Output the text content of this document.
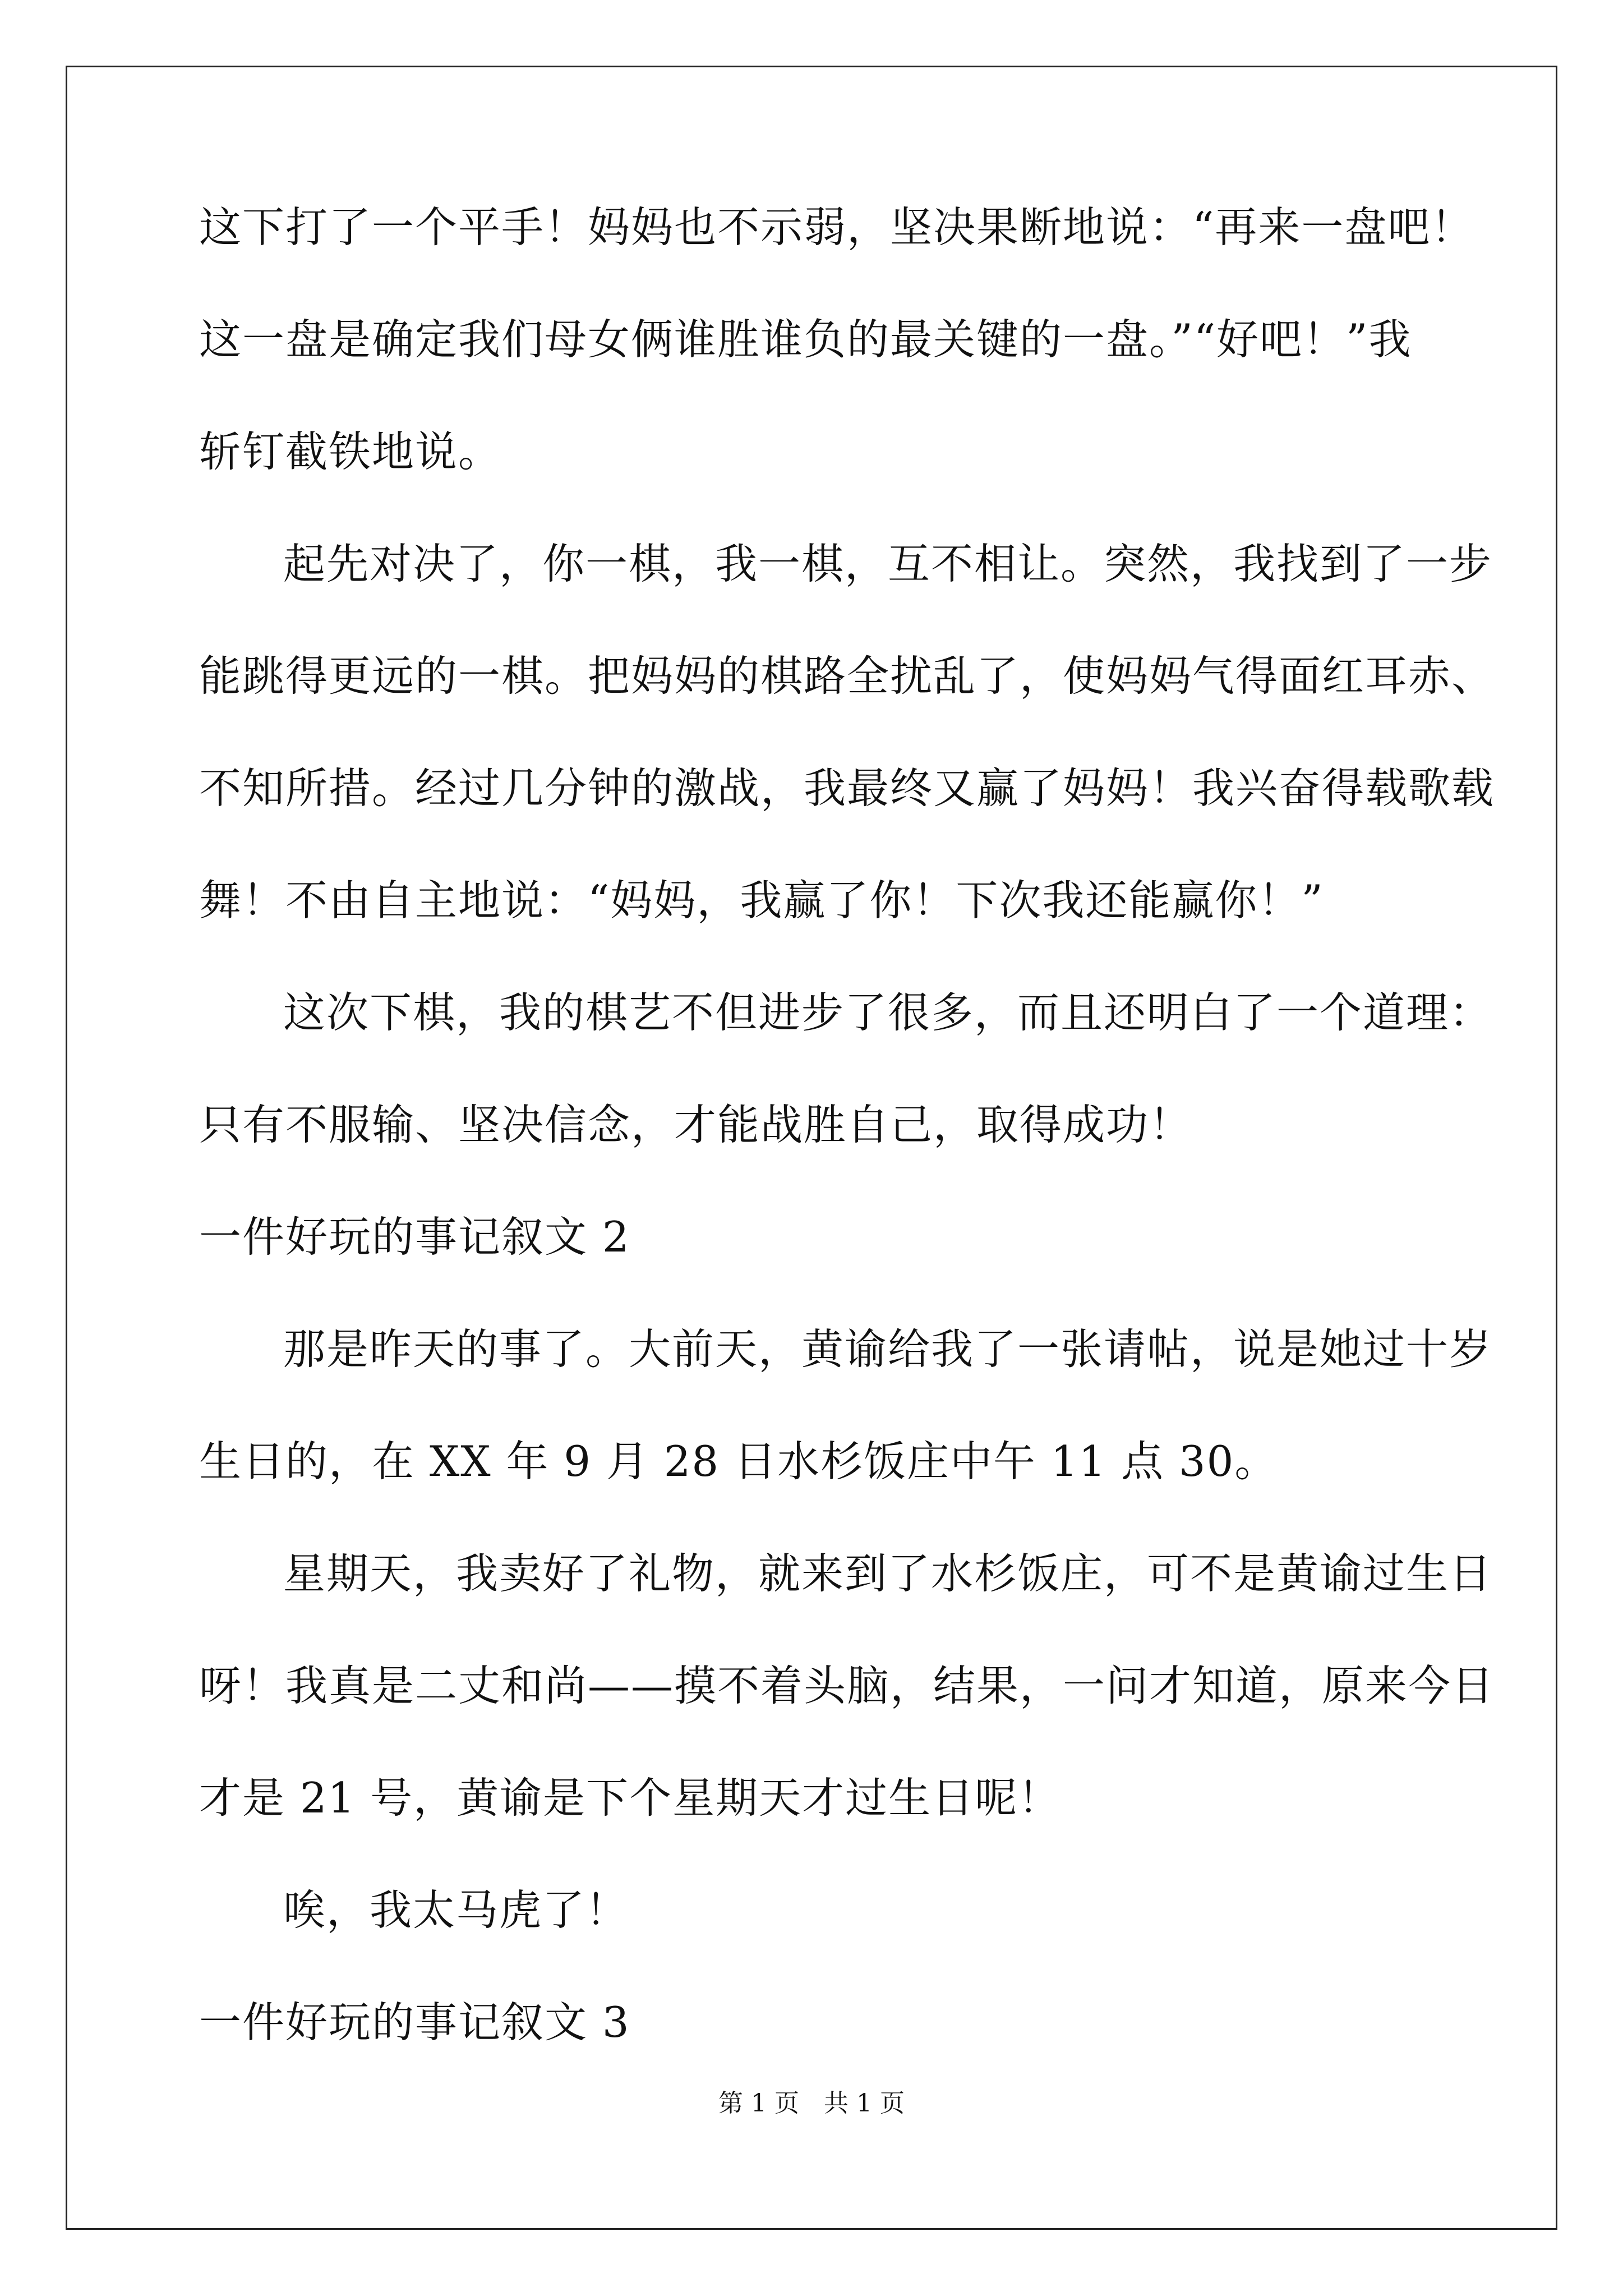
这下打了一个平手！妈妈也不示弱，坚决果断地说：“再来一盘吧！
这一盘是确定我们母女俩谁胜谁负的最关键的一盘。”“好吧！”我
斩钉截铁地说。
起先对决了，你一棋，我一棋，互不相让。突然，我找到了一步
能跳得更远的一棋。把妈妈的棋路全扰乱了，使妈妈气得面红耳赤、
不知所措。经过几分钟的激战，我最终又赢了妈妈！我兴奋得载歌载
舞！不由自主地说：“妈妈，我赢了你！下次我还能赢你！”
这次下棋，我的棋艺不但进步了很多，而且还明白了一个道理：
只有不服输、坚决信念，才能战胜自己，取得成功！
一件好玩的事记叙文 2
那是昨天的事了。大前天，黄谕给我了一张请帖，说是她过十岁
生日的，在 XX 年 9 月 28 日水杉饭庄中午 11 点 30。
星期天，我卖好了礼物，就来到了水杉饭庄，可不是黄谕过生日
呀！我真是二丈和尚——摸不着头脑，结果，一问才知道，原来今日
才是 21 号，黄谕是下个星期天才过生日呢！
唉，我太马虎了！
一件好玩的事记叙文 3
第 1 页　共 1 页
